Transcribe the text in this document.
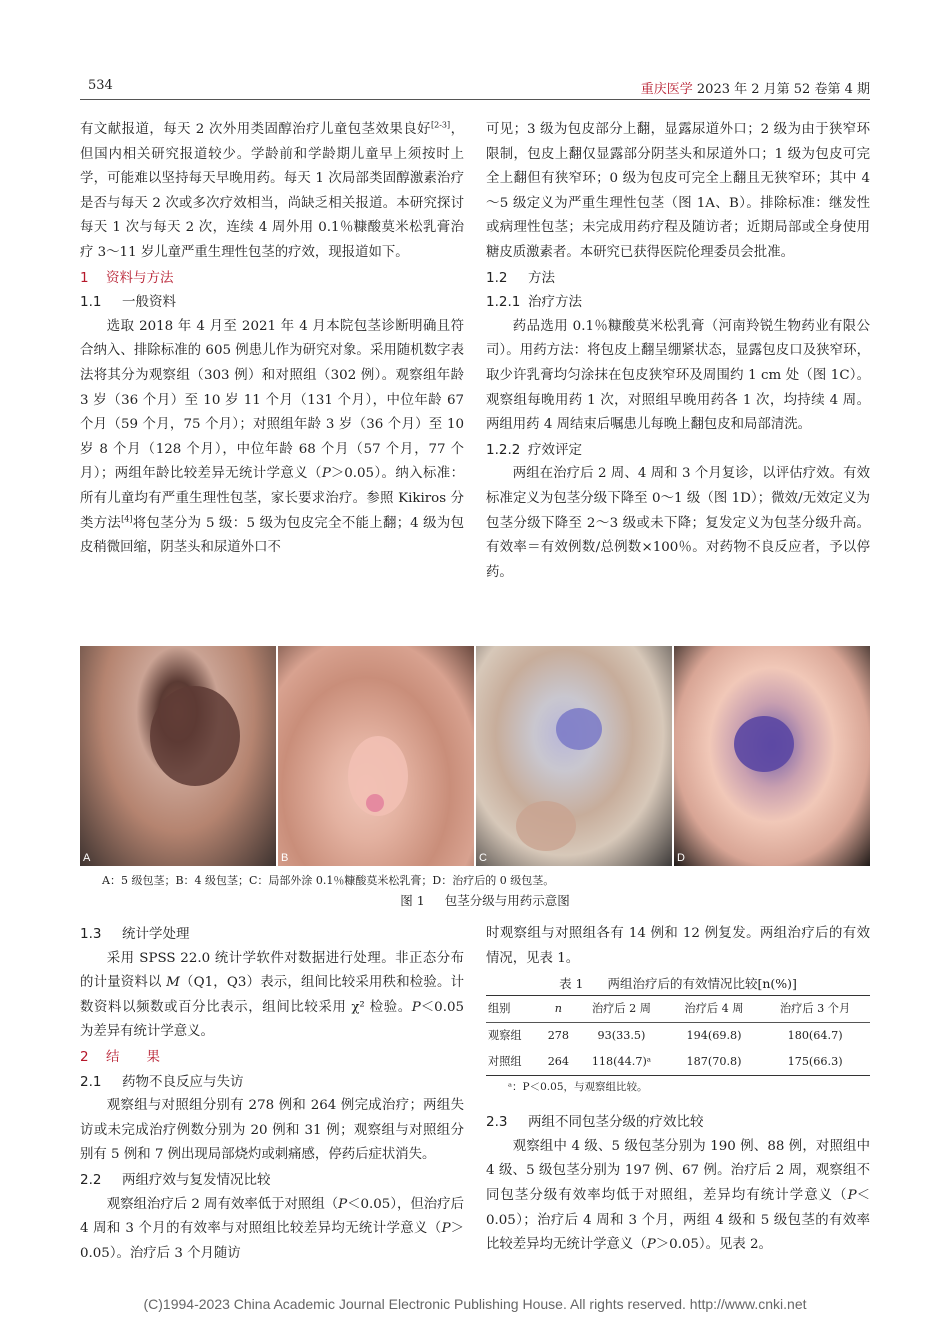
534	重庆医学 2023 年 2 月第 52 卷第 4 期

有文献报道，每天 2 次外用类固醇治疗儿童包茎效果良好[2-3]，但国内相关研究报道较少。学龄前和学龄期儿童早上须按时上学，可能难以坚持每天早晚用药。每天 1 次局部类固醇激素治疗是否与每天 2 次或多次疗效相当，尚缺乏相关报道。本研究探讨每天 1 次与每天 2 次，连续 4 周外用 0.1％糠酸莫米松乳膏治疗 3～11 岁儿童严重生理性包茎的疗效，现报道如下。

1 资料与方法

1.1 一般资料

选取 2018 年 4 月至 2021 年 4 月本院包茎诊断明确且符合纳入、排除标准的 605 例患儿作为研究对象。采用随机数字表法将其分为观察组（303 例）和对照组（302 例）。观察组年龄 3 岁（36 个月）至 10 岁 11 个月（131 个月），中位年龄 67 个月（59 个月，75 个月）；对照组年龄 3 岁（36 个月）至 10 岁 8 个月（128 个月），中位年龄 68 个月（57 个月，77 个月）；两组年龄比较差异无统计学意义（P＞0.05）。纳入标准：所有儿童均有严重生理性包茎，家长要求治疗。参照 Kikiros 分类方法[4]将包茎分为 5 级：5 级为包皮完全不能上翻；4 级为包皮稍微回缩，阴茎头和尿道外口不

可见；3 级为包皮部分上翻，显露尿道外口；2 级为由于狭窄环限制，包皮上翻仅显露部分阴茎头和尿道外口；1 级为包皮可完全上翻但有狭窄环；0 级为包皮可完全上翻且无狭窄环；其中 4～5 级定义为严重生理性包茎（图 1A、B）。排除标准：继发性或病理性包茎；未完成用药疗程及随访者；近期局部或全身使用糖皮质激素者。本研究已获得医院伦理委员会批准。

1.2 方法

1.2.1 治疗方法

药品选用 0.1％糠酸莫米松乳膏（河南羚锐生物药业有限公司）。用药方法：将包皮上翻呈绷紧状态，显露包皮口及狭窄环，取少许乳膏均匀涂抹在包皮狭窄环及周围约 1 cm 处（图 1C）。观察组每晚用药 1 次，对照组早晚用药各 1 次，均持续 4 周。两组用药 4 周结束后嘱患儿每晚上翻包皮和局部清洗。

1.2.2 疗效评定

两组在治疗后 2 周、4 周和 3 个月复诊，以评估疗效。有效标准定义为包茎分级下降至 0～1 级（图 1D）；微效/无效定义为包茎分级下降至 2～3 级或未下降；复发定义为包茎分级升高。有效率＝有效例数/总例数×100％。对药物不良反应者，予以停药。

A	B	C	D
A：5 级包茎；B：4 级包茎；C：局部外涂 0.1％糠酸莫米松乳膏；D：治疗后的 0 级包茎。
图 1 包茎分级与用药示意图

1.3 统计学处理

采用 SPSS 22.0 统计学软件对数据进行处理。非正态分布的计量资料以 M（Q1，Q3）表示，组间比较采用秩和检验。计数资料以频数或百分比表示，组间比较采用 χ² 检验。P＜0.05 为差异有统计学意义。

2 结　　果

2.1 药物不良反应与失访

观察组与对照组分别有 278 例和 264 例完成治疗；两组失访或未完成治疗例数分别为 20 例和 31 例；观察组与对照组分别有 5 例和 7 例出现局部烧灼或刺痛感，停药后症状消失。

2.2 两组疗效与复发情况比较

观察组治疗后 2 周有效率低于对照组（P＜0.05），但治疗后 4 周和 3 个月的有效率与对照组比较差异均无统计学意义（P＞0.05）。治疗后 3 个月随访

时观察组与对照组各有 14 例和 12 例复发。两组治疗后的有效情况，见表 1。

表 1 两组治疗后的有效情况比较[n(%)]
组别	n	治疗后 2 周	治疗后 4 周	治疗后 3 个月
观察组	278	93(33.5)	194(69.8)	180(64.7)
对照组	264	118(44.7)ᵃ	187(70.8)	175(66.3)
ᵃ：P＜0.05，与观察组比较。

2.3 两组不同包茎分级的疗效比较

观察组中 4 级、5 级包茎分别为 190 例、88 例，对照组中 4 级、5 级包茎分别为 197 例、67 例。治疗后 2 周，观察组不同包茎分级有效率均低于对照组，差异均有统计学意义（P＜0.05）；治疗后 4 周和 3 个月，两组 4 级和 5 级包茎的有效率比较差异均无统计学意义（P＞0.05）。见表 2。

(C)1994-2023 China Academic Journal Electronic Publishing House. All rights reserved. http://www.cnki.net
